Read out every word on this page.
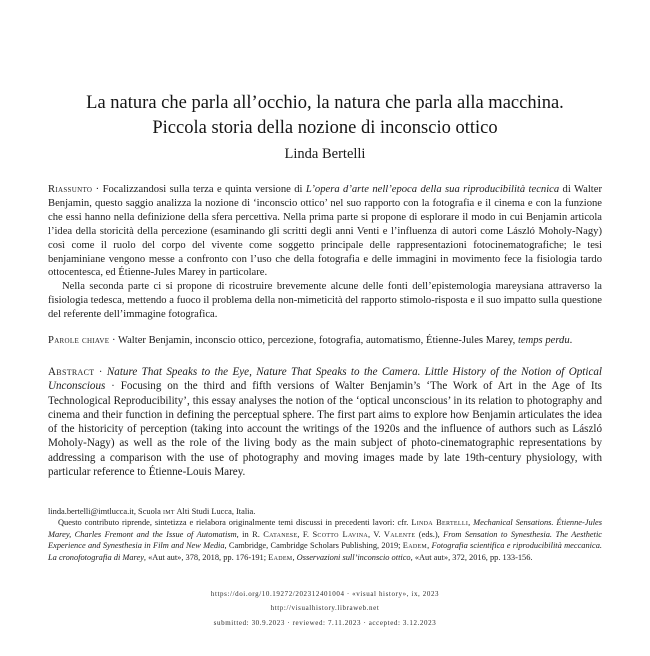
La natura che parla all’occhio, la natura che parla alla macchina.
Piccola storia della nozione di inconscio ottico
Linda Bertelli

Riassunto · Focalizzandosi sulla terza e quinta versione di L’opera d’arte nell’epoca della sua riproducibilità tecnica di Walter Benjamin, questo saggio analizza la nozione di ‘inconscio ottico’ nel suo rapporto con la fotografia e il cinema e con la funzione che essi hanno nella definizione della sfera percettiva. Nella prima parte si propone di esplorare il modo in cui Benjamin articola l’idea della storicità della percezione (esaminando gli scritti degli anni Venti e l’influenza di autori come László Moholy-Nagy) così come il ruolo del corpo del vivente come soggetto principale delle rappresentazioni fotocinematografiche; le tesi benjaminiane vengono messe a confronto con l’uso che della fotografia e delle immagini in movimento fece la fisiologia tardo ottocentesca, ed Étienne-Jules Marey in particolare.
Nella seconda parte ci si propone di ricostruire brevemente alcune delle fonti dell’epistemologia mareysiana attraverso la fisiologia tedesca, mettendo a fuoco il problema della non-mimeticità del rapporto stimolo-risposta e il suo impatto sulla questione del referente dell’immagine fotografica.

Parole chiave · Walter Benjamin, inconscio ottico, percezione, fotografia, automatismo, Étienne-Jules Marey, temps perdu.

Abstract · Nature That Speaks to the Eye, Nature That Speaks to the Camera. Little History of the Notion of Optical Unconscious · Focusing on the third and fifth versions of Walter Benjamin’s ‘The Work of Art in the Age of Its Technological Reproducibility’, this essay analyses the notion of the ‘optical unconscious’ in its relation to photography and cinema and their function in defining the perceptual sphere. The first part aims to explore how Benjamin articulates the idea of the historicity of perception (taking into account the writings of the 1920s and the influence of authors such as László Moholy-Nagy) as well as the role of the living body as the main subject of photo-cinematographic representations by addressing a comparison with the use of photography and moving images made by late 19th-century physiology, with particular reference to Étienne-Louis Marey.

linda.bertelli@imtlucca.it, Scuola imt Alti Studi Lucca, Italia.

Questo contributo riprende, sintetizza e rielabora originalmente temi discussi in precedenti lavori: cfr. Linda Bertelli, Mechanical Sensations. Étienne-Jules Marey, Charles Fremont and the Issue of Automatism, in R. Catanese, F. Scotto Lavina, V. Valente (eds.), From Sensation to Synesthesia. The Aesthetic Experience and Synesthesia in Film and New Media, Cambridge, Cambridge Scholars Publishing, 2019; Eadem, Fotografia scientifica e riproducibilità meccanica. La cronofotografia di Marey, «Aut aut», 378, 2018, pp. 176-191; Eadem, Osservazioni sull’inconscio ottico, «Aut aut», 372, 2016, pp. 133-156.

https://doi.org/10.19272/202312401004 · «visual history», ix, 2023
http://visualhistory.libraweb.net
submitted: 30.9.2023 · reviewed: 7.11.2023 · accepted: 3.12.2023
